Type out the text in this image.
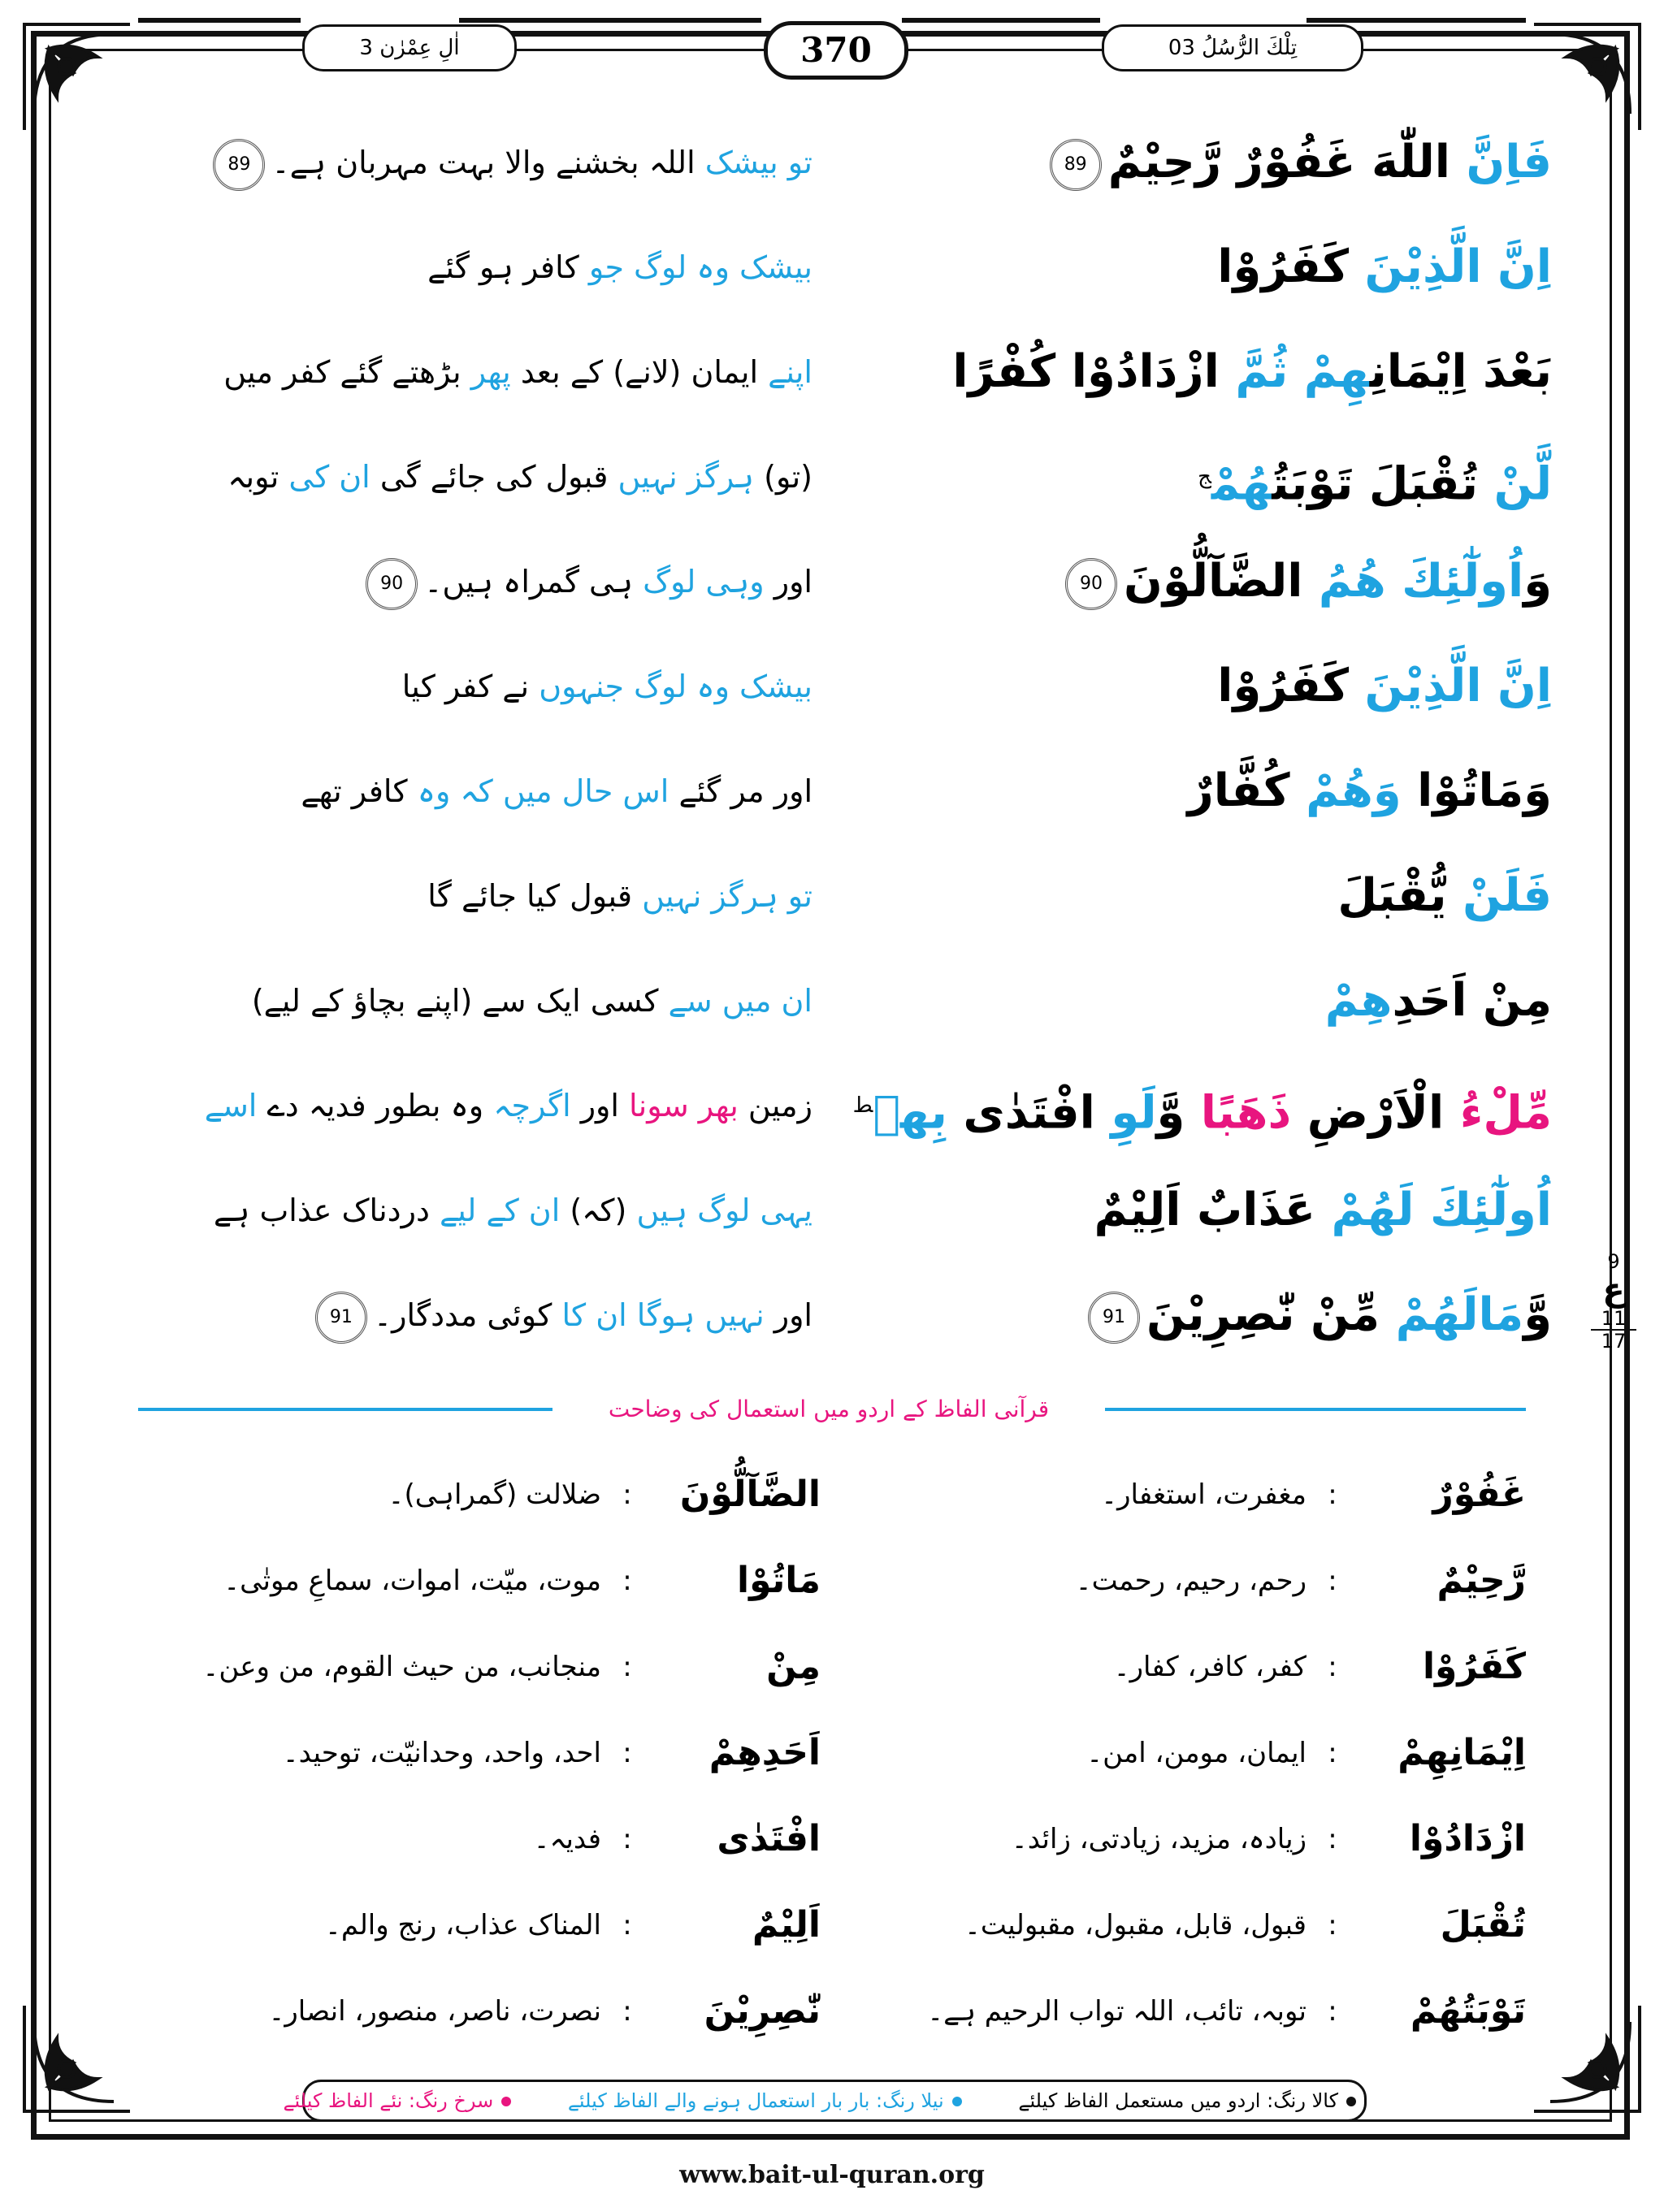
اٰلِ عِمْرٰن 3	370	تِلْكَ الرُّسُلُ 03
فَاِنَّ اللّٰهَ غَفُوْرٌ رَّحِيْمٌ89
تو بیشک اللہ بخشنے والا بہت مہربان ہے۔89
اِنَّ الَّذِيْنَ كَفَرُوْا
بیشک وہ لوگ جو کافر ہو گئے
بَعْدَ اِيْمَانِهِمْ ثُمَّ ازْدَادُوْا كُفْرًا
اپنے ایمان (لانے) کے بعد پھر بڑھتے گئے کفر میں
لَّنْ تُقْبَلَ تَوْبَتُهُمْ$^ج$
(تو) ہرگز نہیں قبول کی جائے گی ان کی توبہ
وَاُولٰٓئِكَ هُمُ الضَّآلُّوْنَ90
اور وہی لوگ ہی گمراہ ہیں۔90
اِنَّ الَّذِيْنَ كَفَرُوْا
بیشک وہ لوگ جنہوں نے کفر کیا
وَمَاتُوْا وَهُمْ كُفَّارٌ
اور مر گئے اس حال میں کہ وہ کافر تھے
فَلَنْ يُّقْبَلَ
تو ہرگز نہیں قبول کیا جائے گا
مِنْ اَحَدِهِمْ
ان میں سے کسی ایک سے (اپنے بچاؤ کے لیے)
مِّلْءُ الْاَرْضِ ذَهَبًا وَّلَوِ افْتَدٰى بِهٖ$^ط$
زمین بھر سونا اور اگرچہ وہ بطور فدیہ دے اسے
اُولٰٓئِكَ لَهُمْ عَذَابٌ اَلِيْمٌ
یہی لوگ ہیں (کہ) ان کے لیے دردناک عذاب ہے
وَّمَالَهُمْ مِّنْ نّٰصِرِيْنَ91
اور نہیں ہوگا ان کا کوئی مددگار۔91
9
ع
11
17
قرآنی الفاظ کے اردو میں استعمال کی وضاحت
غَفُوْرٌ
:
مغفرت، استغفار۔
الضَّآلُّوْنَ
:
ضلالت (گمراہی)۔
رَّحِيْمٌ
:
رحم، رحیم، رحمت۔
مَاتُوْا
:
موت، میّت، اموات، سماعِ موتٰی۔
كَفَرُوْا
:
کفر، کافر، کفار۔
مِنْ
:
منجانب، من حیث القوم، من وعن۔
اِيْمَانِهِمْ
:
ایمان، مومن، امن۔
اَحَدِهِمْ
:
احد، واحد، وحدانیّت، توحید۔
ازْدَادُوْا
:
زیادہ، مزید، زیادتی، زائد۔
افْتَدٰى
:
فدیہ۔
تُقْبَلَ
:
قبول، قابل، مقبول، مقبولیت۔
اَلِيْمٌ
:
المناک عذاب، رنج والم۔
تَوْبَتُهُمْ
:
توبہ، تائب، اللہ تواب الرحیم ہے۔
نّٰصِرِيْنَ
:
نصرت، ناصر، منصور، انصار۔
کالا رنگ: اردو میں مستعمل الفاظ کیلئے نیلا رنگ: بار بار استعمال ہونے والے الفاظ کیلئے سرخ رنگ: نئے الفاظ کیلئے
www.bait-ul-quran.org
